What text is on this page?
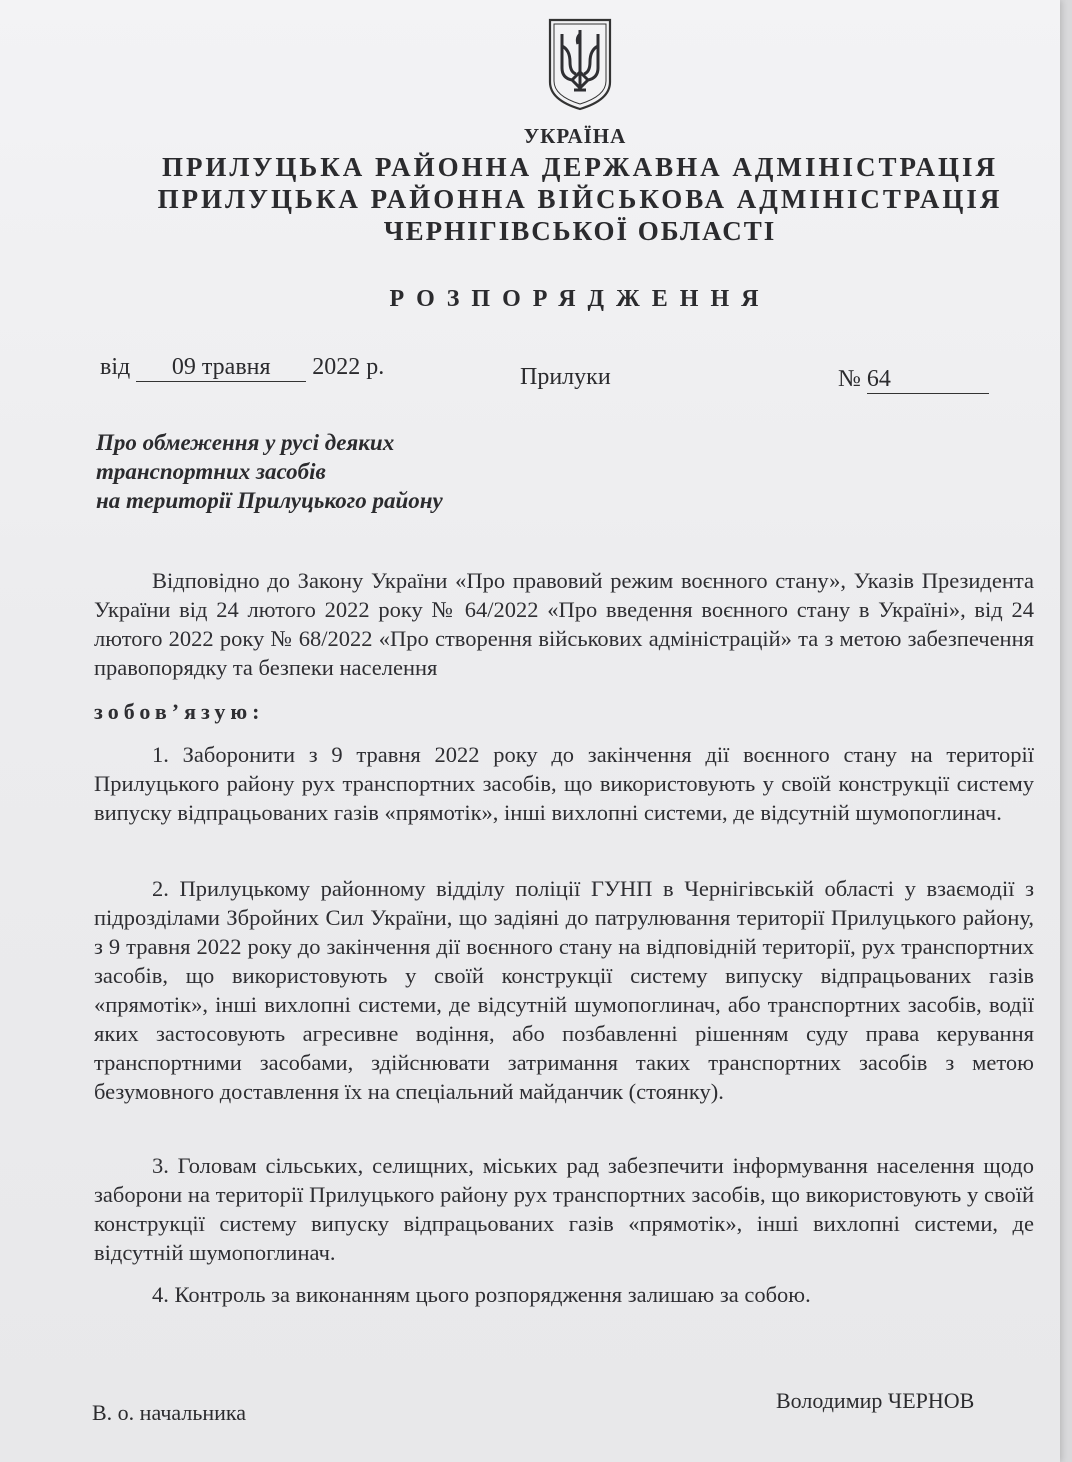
УКРАЇНА
ПРИЛУЦЬКА РАЙОННА ДЕРЖАВНА АДМІНІСТРАЦІЯ
ПРИЛУЦЬКА РАЙОННА ВІЙСЬКОВА АДМІНІСТРАЦІЯ
ЧЕРНІГІВСЬКОЇ ОБЛАСТІ
РОЗПОРЯДЖЕННЯ
від 09 травня 2022 р.	Прилуки	№ 64
Про обмеження у русі деяких
транспортних засобів
на території Прилуцького району
Відповідно до Закону України «Про правовий режим воєнного стану», Указів Президента України від 24 лютого 2022 року № 64/2022 «Про введення воєнного стану в Україні», від 24 лютого 2022 року № 68/2022 «Про створення військових адміністрацій» та з метою забезпечення правопорядку та безпеки населення
зобов’язую:
1. Заборонити з 9 травня 2022 року до закінчення дії воєнного стану на території Прилуцького району рух транспортних засобів, що використовують у своїй конструкції систему випуску відпрацьованих газів «прямотік», інші вихлопні системи, де відсутній шумопоглинач.
2. Прилуцькому районному відділу поліції ГУНП в Чернігівській області у взаємодії з підрозділами Збройних Сил України, що задіяні до патрулювання території Прилуцького району, з 9 травня 2022 року до закінчення дії воєнного стану на відповідній території, рух транспортних засобів, що використовують у своїй конструкції систему випуску відпрацьованих газів «прямотік», інші вихлопні системи, де відсутній шумопоглинач, або транспортних засобів, водії яких застосовують агресивне водіння, або позбавленні рішенням суду права керування транспортними засобами, здійснювати затримання таких транспортних засобів з метою безумовного доставлення їх на спеціальний майданчик (стоянку).
3. Головам сільських, селищних, міських рад забезпечити інформування населення щодо заборони на території Прилуцького району рух транспортних засобів, що використовують у своїй конструкції систему випуску відпрацьованих газів «прямотік», інші вихлопні системи, де відсутній шумопоглинач.
4. Контроль за виконанням цього розпорядження залишаю за собою.
В. о. начальника	Володимир ЧЕРНОВ
